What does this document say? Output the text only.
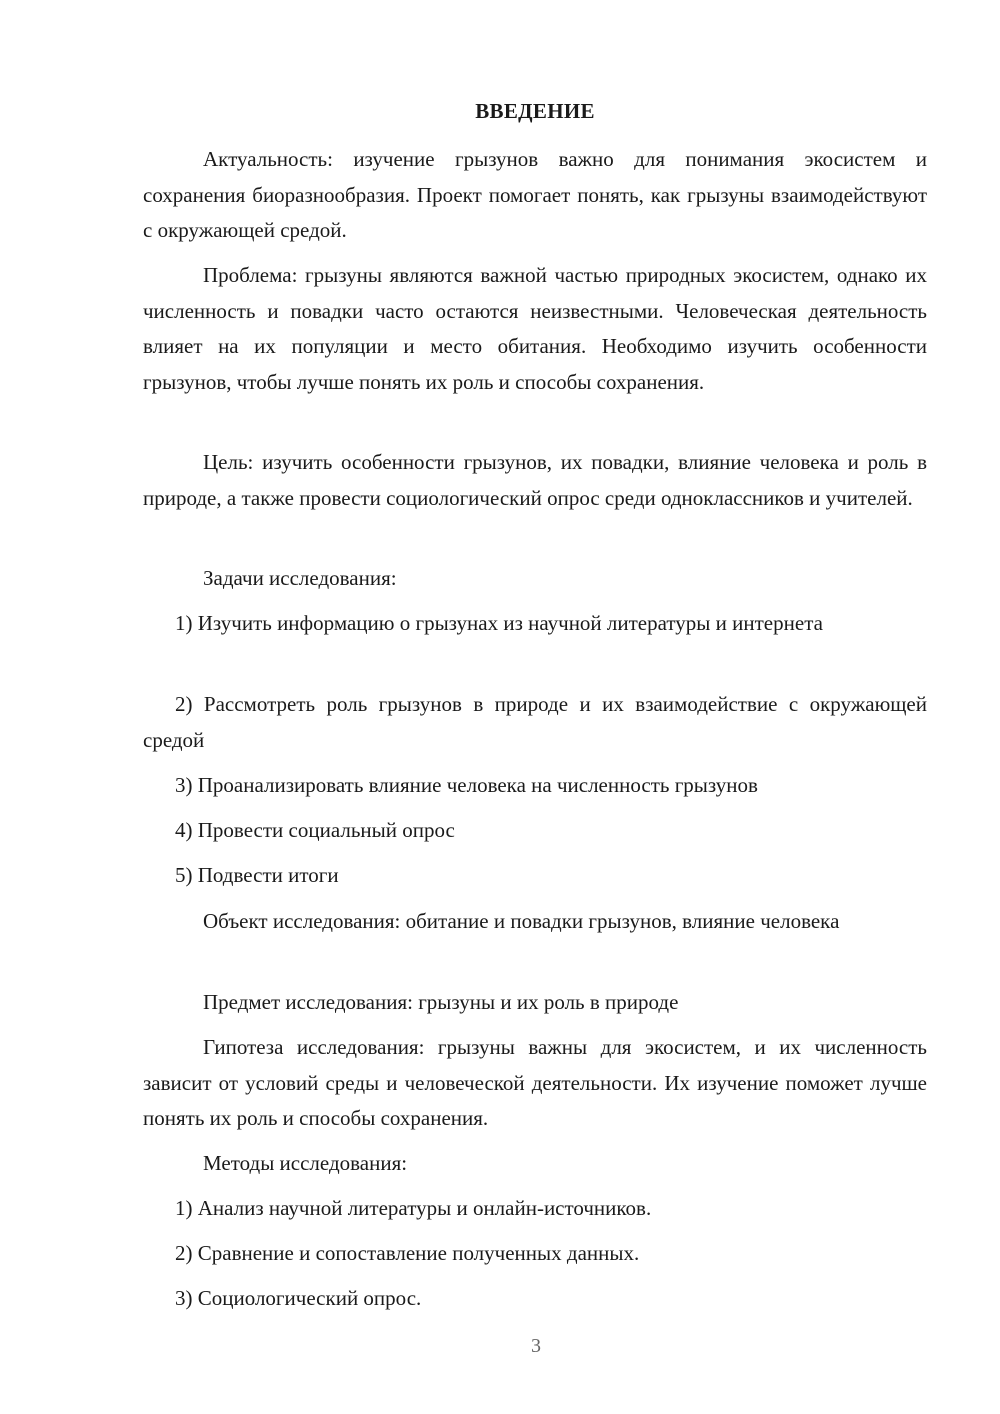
ВВЕДЕНИЕ

Актуальность: изучение грызунов важно для понимания экосистем и сохранения биоразнообразия. Проект помогает понять, как грызуны взаимодействуют с окружающей средой.

Проблема: грызуны являются важной частью природных экосистем, однако их численность и повадки часто остаются неизвестными. Человеческая деятельность влияет на их популяции и место обитания. Необходимо изучить особенности грызунов, чтобы лучше понять их роль и способы сохранения.

Цель: изучить особенности грызунов, их повадки, влияние человека и роль в природе, а также провести социологический опрос среди одноклассников и учителей.

Задачи исследования:

1) Изучить информацию о грызунах из научной литературы и интернета

2) Рассмотреть роль грызунов в природе и их взаимодействие с окружающей средой

3) Проанализировать влияние человека на численность грызунов

4) Провести социальный опрос

5) Подвести итоги

Объект исследования: обитание и повадки грызунов, влияние человека

Предмет исследования: грызуны и их роль в природе

Гипотеза исследования: грызуны важны для экосистем, и их численность зависит от условий среды и человеческой деятельности. Их изучение поможет лучше понять их роль и способы сохранения.

Методы исследования:

1) Анализ научной литературы и онлайн-источников.

2) Сравнение и сопоставление полученных данных.

3) Социологический опрос.

3
